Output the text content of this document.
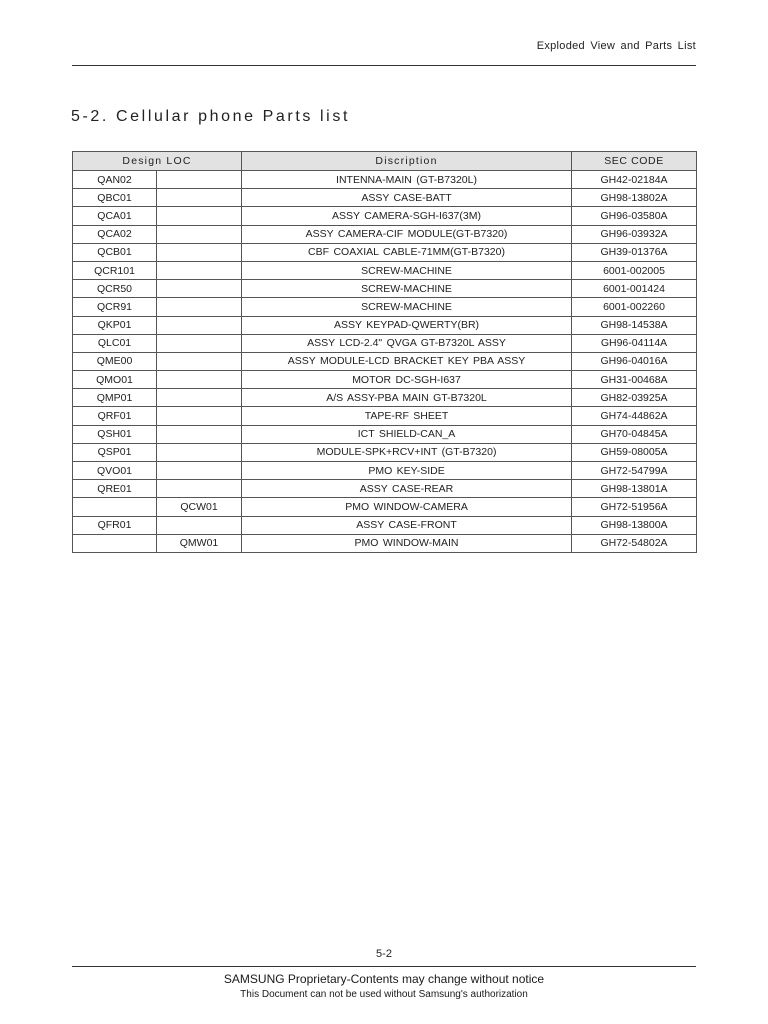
Exploded View and Parts List
5-2. Cellular phone Parts list
Design LOC		Discription	SEC CODE
QAN02		INTENNA-MAIN (GT-B7320L)	GH42-02184A
QBC01		ASSY CASE-BATT	GH98-13802A
QCA01		ASSY CAMERA-SGH-I637(3M)	GH96-03580A
QCA02		ASSY CAMERA-CIF MODULE(GT-B7320)	GH96-03932A
QCB01		CBF COAXIAL CABLE-71MM(GT-B7320)	GH39-01376A
QCR101		SCREW-MACHINE	6001-002005
QCR50		SCREW-MACHINE	6001-001424
QCR91		SCREW-MACHINE	6001-002260
QKP01		ASSY KEYPAD-QWERTY(BR)	GH98-14538A
QLC01		ASSY LCD-2.4" QVGA GT-B7320L ASSY	GH96-04114A
QME00		ASSY MODULE-LCD BRACKET KEY PBA ASSY	GH96-04016A
QMO01		MOTOR DC-SGH-I637	GH31-00468A
QMP01		A/S ASSY-PBA MAIN GT-B7320L	GH82-03925A
QRF01		TAPE-RF SHEET	GH74-44862A
QSH01		ICT SHIELD-CAN_A	GH70-04845A
QSP01		MODULE-SPK+RCV+INT (GT-B7320)	GH59-08005A
QVO01		PMO KEY-SIDE	GH72-54799A
QRE01		ASSY CASE-REAR	GH98-13801A
	QCW01	PMO WINDOW-CAMERA	GH72-51956A
QFR01		ASSY CASE-FRONT	GH98-13800A
	QMW01	PMO WINDOW-MAIN	GH72-54802A
5-2
SAMSUNG Proprietary-Contents may change without notice
This Document can not be used without Samsung's authorization
